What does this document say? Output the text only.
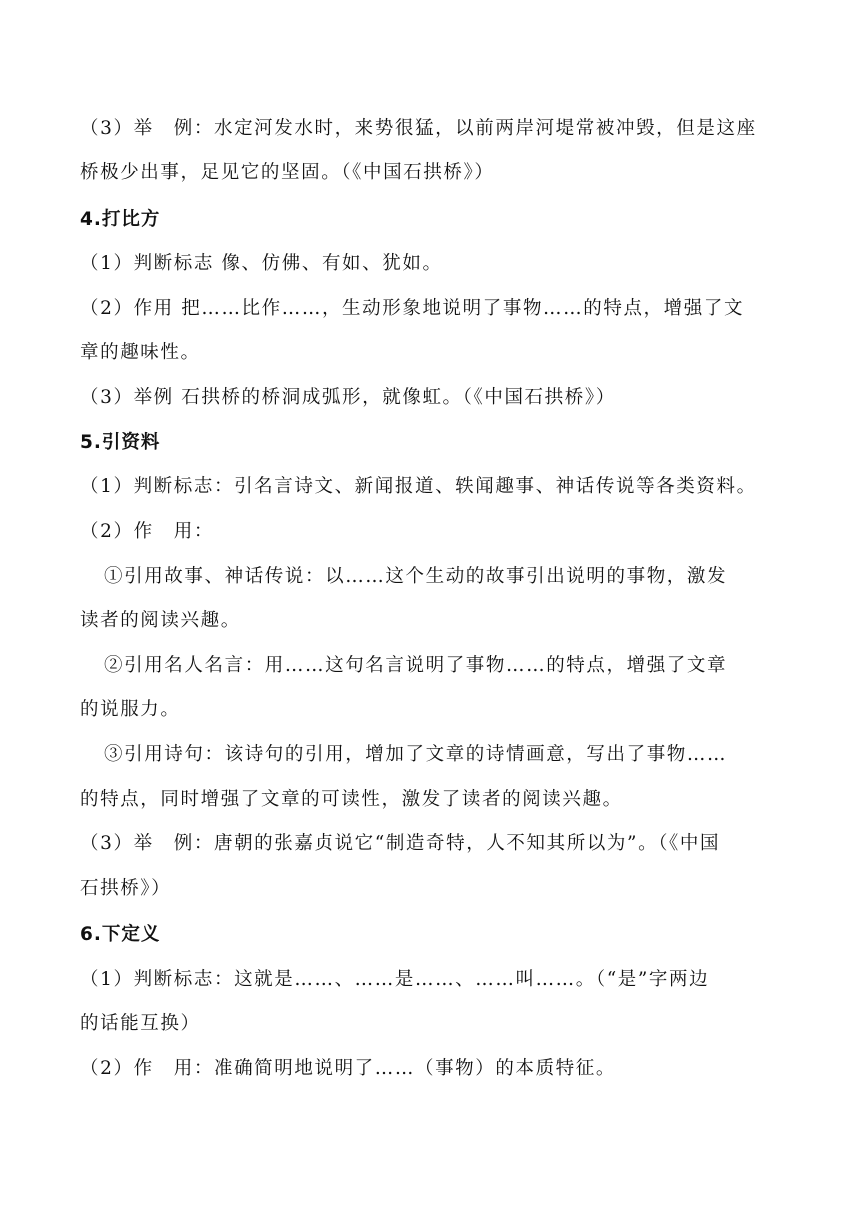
（3）举　例：水定河发水时，来势很猛，以前两岸河堤常被冲毁，但是这座
桥极少出事，足见它的坚固。（《中国石拱桥》）
4.打比方
（1）判断标志 像、仿佛、有如、犹如。
（2）作用 把……比作……，生动形象地说明了事物……的特点，增强了文
章的趣味性。
（3）举例 石拱桥的桥洞成弧形，就像虹。（《中国石拱桥》）
5.引资料
（1）判断标志：引名言诗文、新闻报道、轶闻趣事、神话传说等各类资料。
（2）作　用：
①引用故事、神话传说：以……这个生动的故事引出说明的事物，激发
读者的阅读兴趣。
②引用名人名言：用……这句名言说明了事物……的特点，增强了文章
的说服力。
③引用诗句：该诗句的引用，增加了文章的诗情画意，写出了事物……
的特点，同时增强了文章的可读性，激发了读者的阅读兴趣。
（3）举　例：唐朝的张嘉贞说它“制造奇特，人不知其所以为”。（《中国
石拱桥》）
6.下定义
（1）判断标志：这就是……、……是……、……叫……。（“是”字两边
的话能互换）
（2）作　用：准确简明地说明了……（事物）的本质特征。
